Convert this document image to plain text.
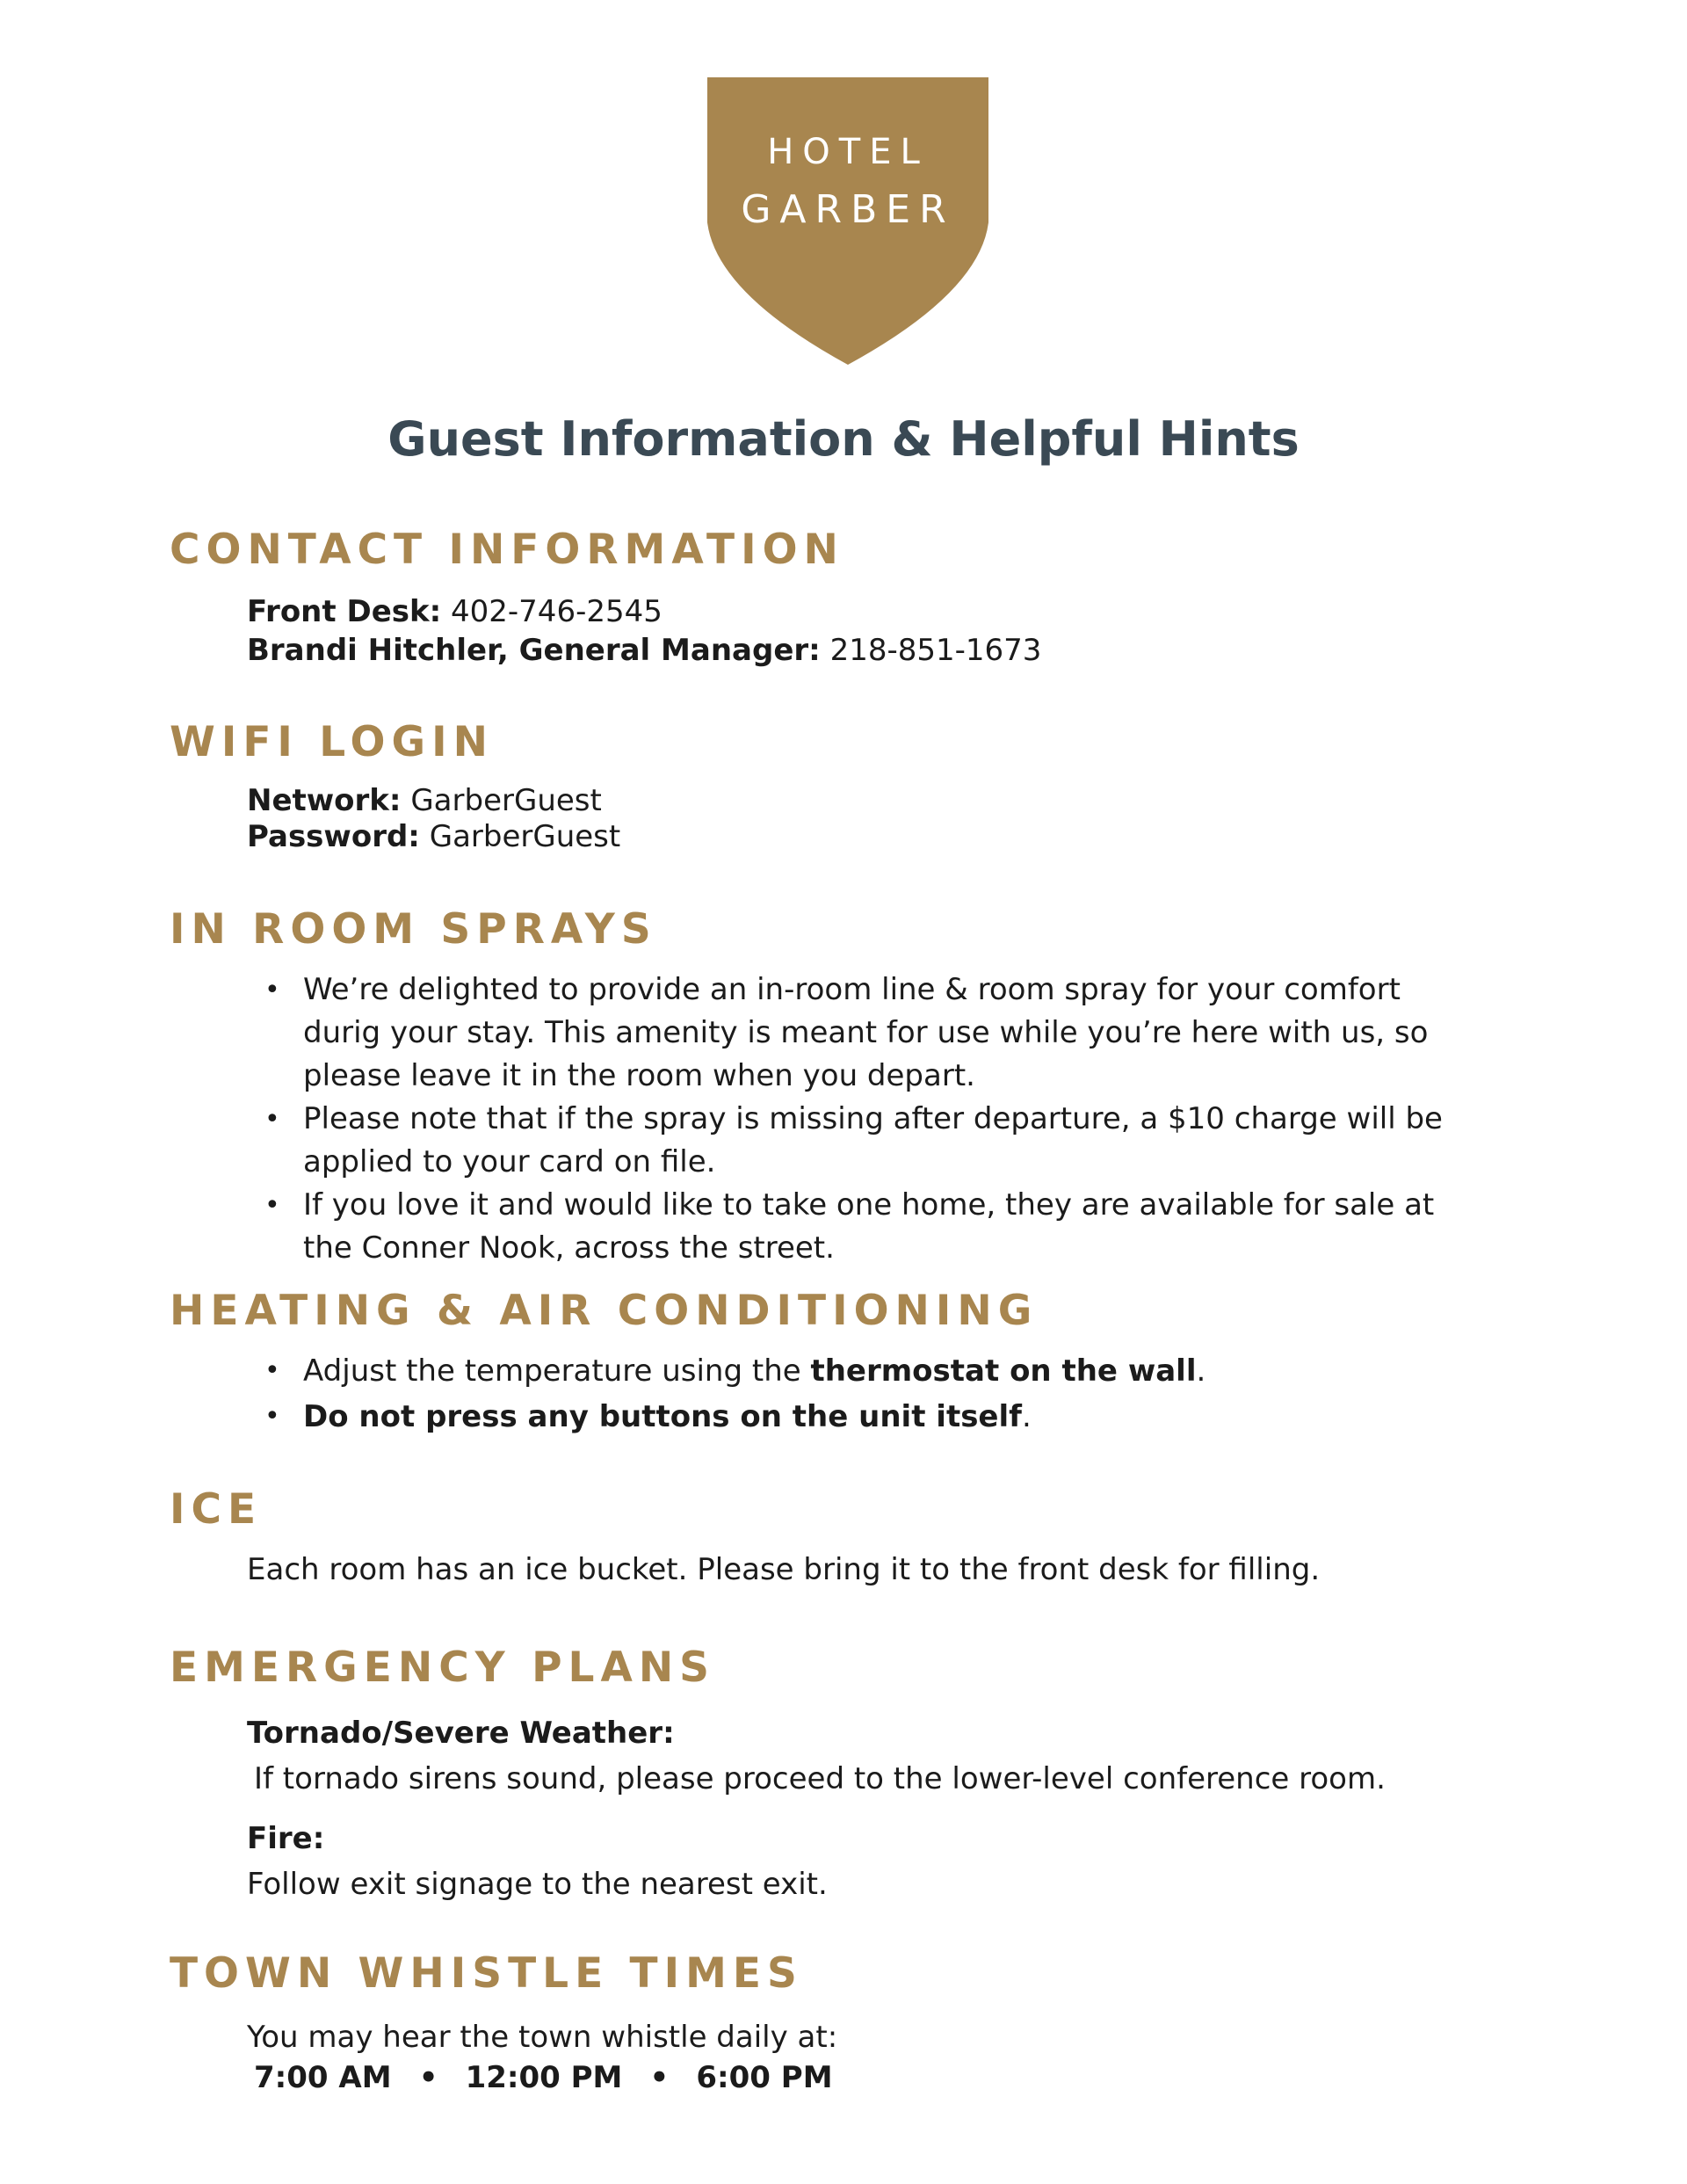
HOTEL
GARBER
Guest Information & Helpful Hints
CONTACT INFORMATION
Front Desk: 402-746-2545
Brandi Hitchler, General Manager: 218-851-1673
WIFI LOGIN
Network: GarberGuest
Password: GarberGuest
IN ROOM SPRAYS
• We’re delighted to provide an in-room line & room spray for your comfort
durig your stay. This amenity is meant for use while you’re here with us, so
please leave it in the room when you depart.
• Please note that if the spray is missing after departure, a $10 charge will be
applied to your card on file.
• If you love it and would like to take one home, they are available for sale at
the Conner Nook, across the street.
HEATING & AIR CONDITIONING
• Adjust the temperature using the thermostat on the wall.
• Do not press any buttons on the unit itself.
ICE
Each room has an ice bucket. Please bring it to the front desk for filling.
EMERGENCY PLANS
Tornado/Severe Weather:
If tornado sirens sound, please proceed to the lower-level conference room.
Fire:
Follow exit signage to the nearest exit.
TOWN WHISTLE TIMES
You may hear the town whistle daily at:
7:00 AM • 12:00 PM • 6:00 PM
